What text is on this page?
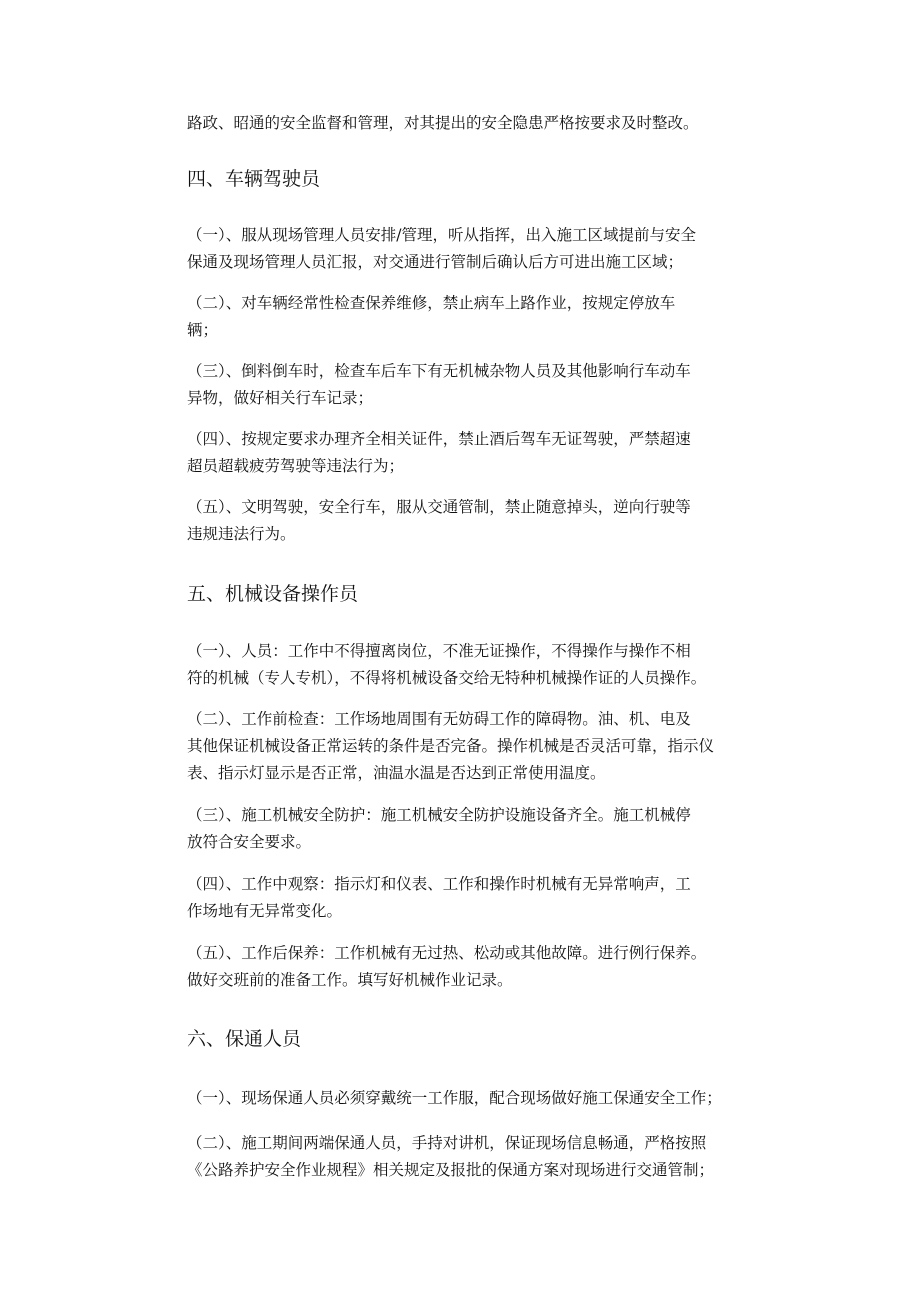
路政、昭通的安全监督和管理，对其提出的安全隐患严格按要求及时整改。

四、车辆驾驶员

（一）、服从现场管理人员安排/管理，听从指挥，出入施工区域提前与安全
保通及现场管理人员汇报，对交通进行管制后确认后方可进出施工区域；

（二）、对车辆经常性检查保养维修，禁止病车上路作业，按规定停放车
辆；

（三）、倒料倒车时，检查车后车下有无机械杂物人员及其他影响行车动车
异物，做好相关行车记录；

（四）、按规定要求办理齐全相关证件，禁止酒后驾车无证驾驶，严禁超速
超员超载疲劳驾驶等违法行为；

（五）、文明驾驶，安全行车，服从交通管制，禁止随意掉头，逆向行驶等
违规违法行为。

五、机械设备操作员

（一）、人员：工作中不得擅离岗位，不准无证操作，不得操作与操作不相
符的机械（专人专机），不得将机械设备交给无特种机械操作证的人员操作。

（二）、工作前检查：工作场地周围有无妨碍工作的障碍物。油、机、电及
其他保证机械设备正常运转的条件是否完备。操作机械是否灵活可靠，指示仪
表、指示灯显示是否正常，油温水温是否达到正常使用温度。

（三）、施工机械安全防护：施工机械安全防护设施设备齐全。施工机械停
放符合安全要求。

（四）、工作中观察：指示灯和仪表、工作和操作时机械有无异常响声，工
作场地有无异常变化。

（五）、工作后保养：工作机械有无过热、松动或其他故障。进行例行保养。
做好交班前的准备工作。填写好机械作业记录。

六、保通人员

（一）、现场保通人员必须穿戴统一工作服，配合现场做好施工保通安全工作；

（二）、施工期间两端保通人员，手持对讲机，保证现场信息畅通，严格按照
《公路养护安全作业规程》相关规定及报批的保通方案对现场进行交通管制；
